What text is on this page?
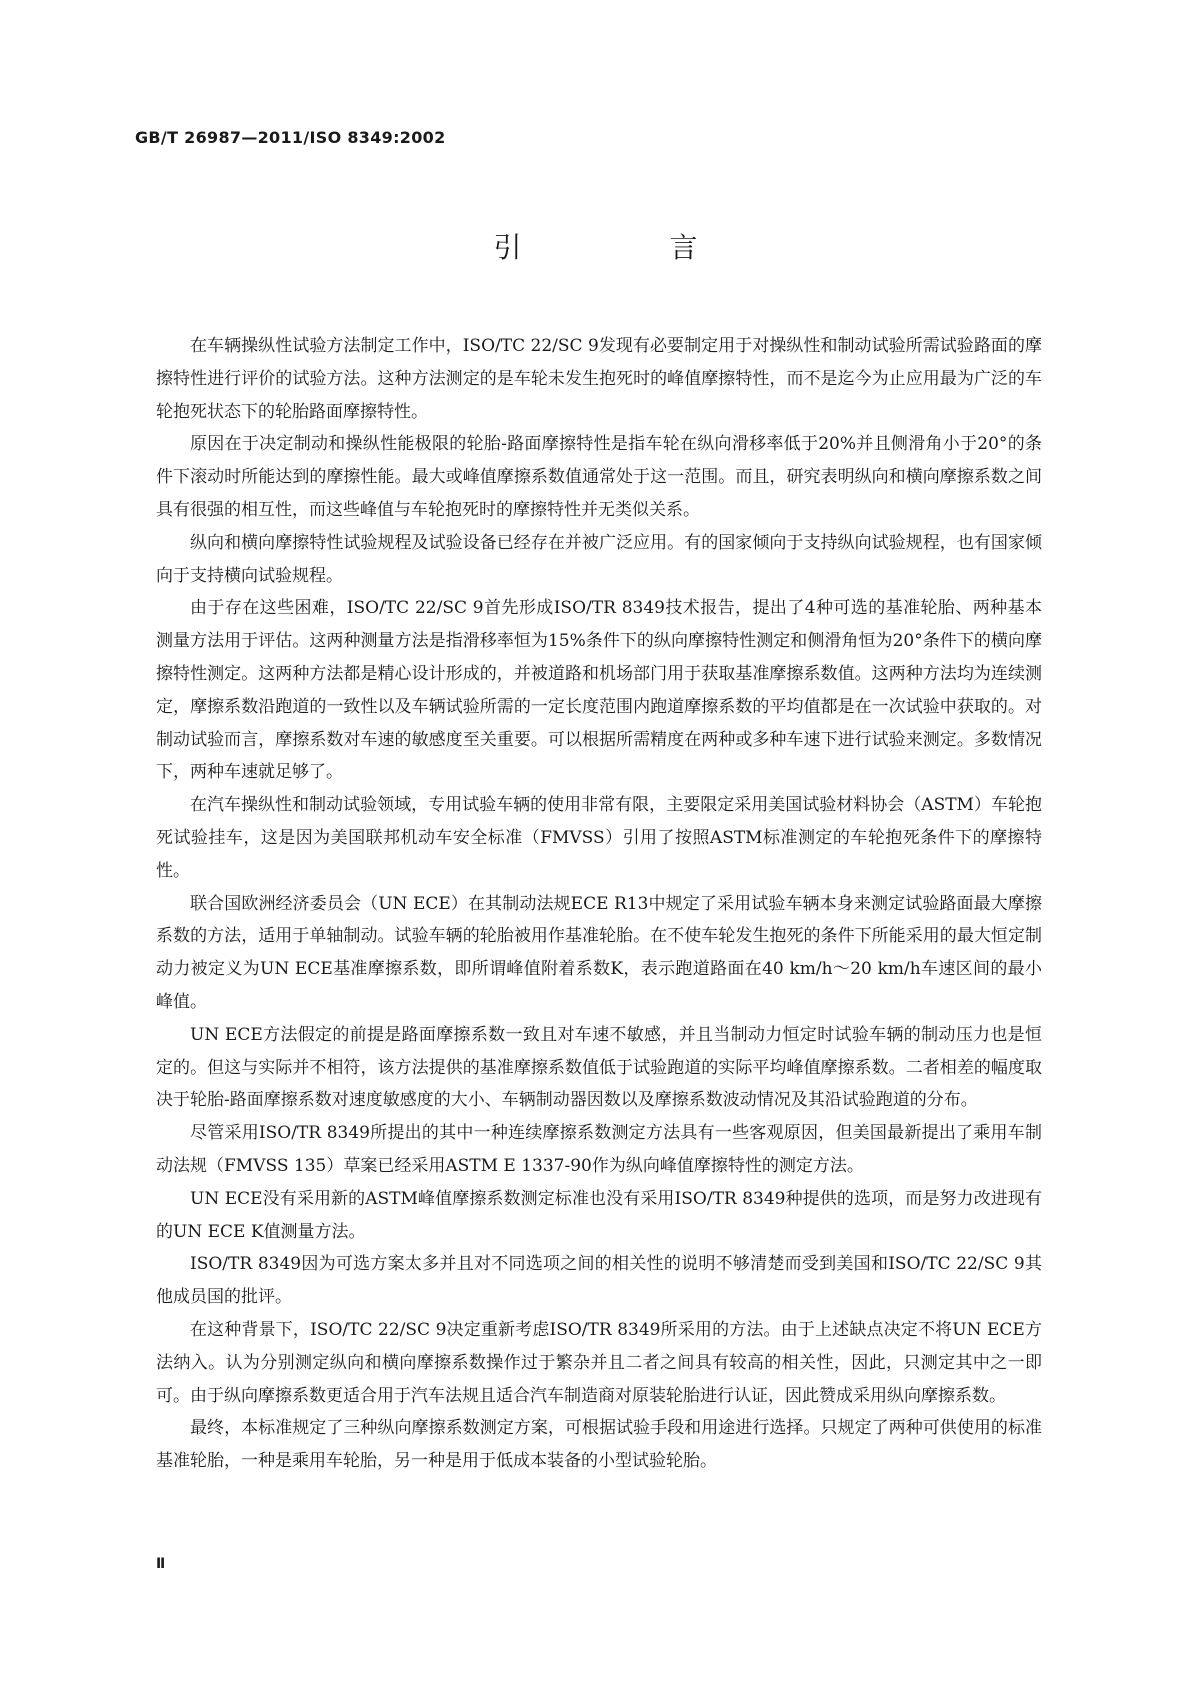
GB/T 26987—2011/ISO 8349:2002
引　言

在车辆操纵性试验方法制定工作中，ISO/TC 22/SC 9发现有必要制定用于对操纵性和制动试验所需试验路面的摩擦特性进行评价的试验方法。这种方法测定的是车轮未发生抱死时的峰值摩擦特性，而不是迄今为止应用最为广泛的车轮抱死状态下的轮胎路面摩擦特性。

原因在于决定制动和操纵性能极限的轮胎-路面摩擦特性是指车轮在纵向滑移率低于20%并且侧滑角小于20°的条件下滚动时所能达到的摩擦性能。最大或峰值摩擦系数值通常处于这一范围。而且，研究表明纵向和横向摩擦系数之间具有很强的相互性，而这些峰值与车轮抱死时的摩擦特性并无类似关系。

纵向和横向摩擦特性试验规程及试验设备已经存在并被广泛应用。有的国家倾向于支持纵向试验规程，也有国家倾向于支持横向试验规程。

由于存在这些困难，ISO/TC 22/SC 9首先形成ISO/TR 8349技术报告，提出了4种可选的基准轮胎、两种基本测量方法用于评估。这两种测量方法是指滑移率恒为15%条件下的纵向摩擦特性测定和侧滑角恒为20°条件下的横向摩擦特性测定。这两种方法都是精心设计形成的，并被道路和机场部门用于获取基准摩擦系数值。这两种方法均为连续测定，摩擦系数沿跑道的一致性以及车辆试验所需的一定长度范围内跑道摩擦系数的平均值都是在一次试验中获取的。对制动试验而言，摩擦系数对车速的敏感度至关重要。可以根据所需精度在两种或多种车速下进行试验来测定。多数情况下，两种车速就足够了。

在汽车操纵性和制动试验领域，专用试验车辆的使用非常有限，主要限定采用美国试验材料协会（ASTM）车轮抱死试验挂车，这是因为美国联邦机动车安全标准（FMVSS）引用了按照ASTM标准测定的车轮抱死条件下的摩擦特性。

联合国欧洲经济委员会（UN ECE）在其制动法规ECE R13中规定了采用试验车辆本身来测定试验路面最大摩擦系数的方法，适用于单轴制动。试验车辆的轮胎被用作基准轮胎。在不使车轮发生抱死的条件下所能采用的最大恒定制动力被定义为UN ECE基准摩擦系数，即所谓峰值附着系数K，表示跑道路面在40 km/h～20 km/h车速区间的最小峰值。

UN ECE方法假定的前提是路面摩擦系数一致且对车速不敏感，并且当制动力恒定时试验车辆的制动压力也是恒定的。但这与实际并不相符，该方法提供的基准摩擦系数值低于试验跑道的实际平均峰值摩擦系数。二者相差的幅度取决于轮胎-路面摩擦系数对速度敏感度的大小、车辆制动器因数以及摩擦系数波动情况及其沿试验跑道的分布。

尽管采用ISO/TR 8349所提出的其中一种连续摩擦系数测定方法具有一些客观原因，但美国最新提出了乘用车制动法规（FMVSS 135）草案已经采用ASTM E 1337-90作为纵向峰值摩擦特性的测定方法。

UN ECE没有采用新的ASTM峰值摩擦系数测定标准也没有采用ISO/TR 8349种提供的选项，而是努力改进现有的UN ECE K值测量方法。

ISO/TR 8349因为可选方案太多并且对不同选项之间的相关性的说明不够清楚而受到美国和ISO/TC 22/SC 9其他成员国的批评。

在这种背景下，ISO/TC 22/SC 9决定重新考虑ISO/TR 8349所采用的方法。由于上述缺点决定不将UN ECE方法纳入。认为分别测定纵向和横向摩擦系数操作过于繁杂并且二者之间具有较高的相关性，因此，只测定其中之一即可。由于纵向摩擦系数更适合用于汽车法规且适合汽车制造商对原装轮胎进行认证，因此赞成采用纵向摩擦系数。

最终，本标准规定了三种纵向摩擦系数测定方案，可根据试验手段和用途进行选择。只规定了两种可供使用的标准基准轮胎，一种是乘用车轮胎，另一种是用于低成本装备的小型试验轮胎。

Ⅱ
